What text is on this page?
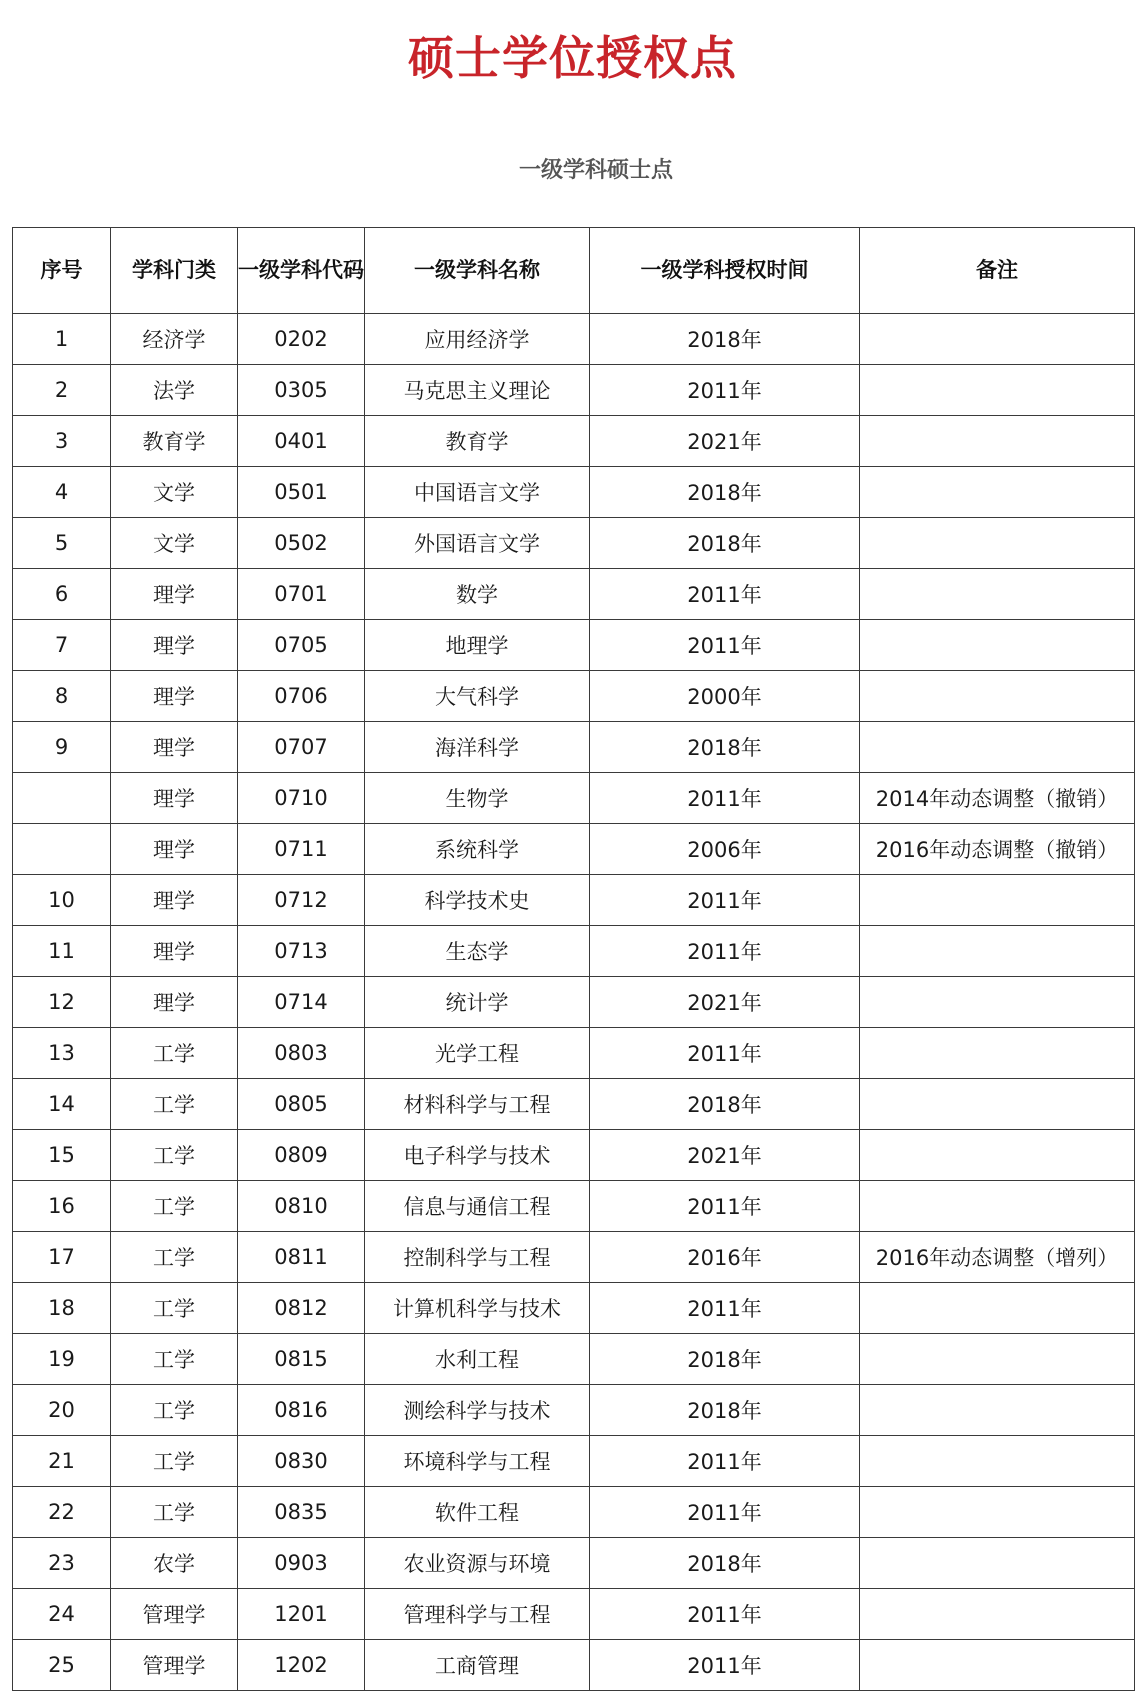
硕士学位授权点
一级学科硕士点
序号	学科门类	一级学科代码	一级学科名称	一级学科授权时间	备注
1	经济学	0202	应用经济学	2018年	
2	法学	0305	马克思主义理论	2011年	
3	教育学	0401	教育学	2021年	
4	文学	0501	中国语言文学	2018年	
5	文学	0502	外国语言文学	2018年	
6	理学	0701	数学	2011年	
7	理学	0705	地理学	2011年	
8	理学	0706	大气科学	2000年	
9	理学	0707	海洋科学	2018年	
	理学	0710	生物学	2011年	2014年动态调整（撤销）
	理学	0711	系统科学	2006年	2016年动态调整（撤销）
10	理学	0712	科学技术史	2011年	
11	理学	0713	生态学	2011年	
12	理学	0714	统计学	2021年	
13	工学	0803	光学工程	2011年	
14	工学	0805	材料科学与工程	2018年	
15	工学	0809	电子科学与技术	2021年	
16	工学	0810	信息与通信工程	2011年	
17	工学	0811	控制科学与工程	2016年	2016年动态调整（增列）
18	工学	0812	计算机科学与技术	2011年	
19	工学	0815	水利工程	2018年	
20	工学	0816	测绘科学与技术	2018年	
21	工学	0830	环境科学与工程	2011年	
22	工学	0835	软件工程	2011年	
23	农学	0903	农业资源与环境	2018年	
24	管理学	1201	管理科学与工程	2011年	
25	管理学	1202	工商管理	2011年	
